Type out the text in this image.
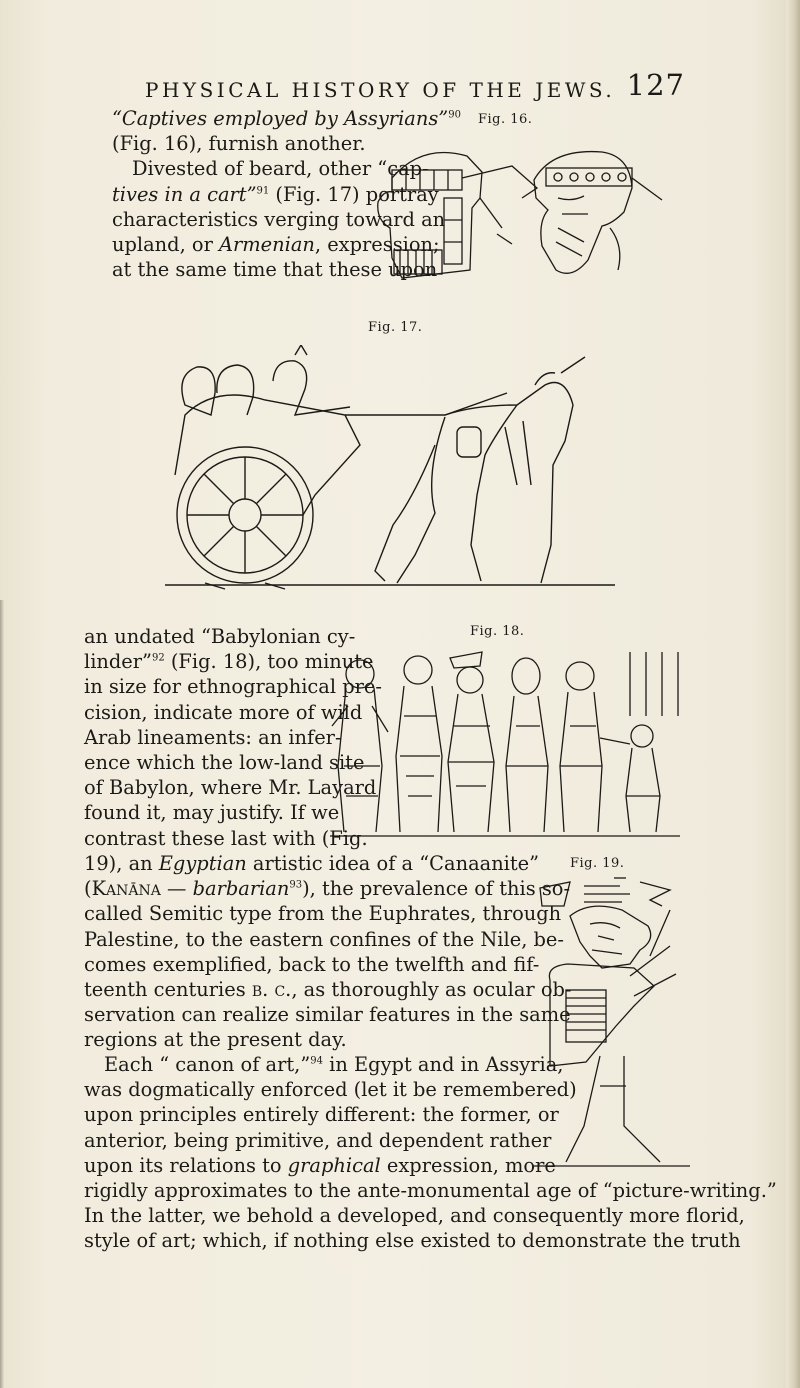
PHYSICAL HISTORY OF THE JEWS. 127
“Captives employed by Assyrians”$^{90}$
(Fig. 16), furnish another.
Divested of beard, other “cap-
tives in a cart”$^{91}$ (Fig. 17) portray
characteristics verging toward an
upland, or Armenian, expression;
at the same time that these upon
Fig. 16.
Fig. 17.
an undated “Babylonian cy-
linder”$^{92}$ (Fig. 18), too minute
in size for ethnographical pre-
cision, indicate more of wild
Arab lineaments: an infer-
ence which the low-land site
of Babylon, where Mr. Layard
found it, may justify. If we
contrast these last with (Fig.
Fig. 18.
19), an Egyptian artistic idea of a “Canaanite”
(Kanāna — barbarian$^{93}$), the prevalence of this so-
called Semitic type from the Euphrates, through
Palestine, to the eastern confines of the Nile, be-
comes exemplified, back to the twelfth and fif-
teenth centuries b. c., as thoroughly as ocular ob-
servation can realize similar features in the same
regions at the present day.
Each “ canon of art,”$^{94}$ in Egypt and in Assyria,
was dogmatically enforced (let it be remembered)
upon principles entirely different: the former, or
anterior, being primitive, and dependent rather
upon its relations to graphical expression, more
rigidly approximates to the ante-monumental age of “picture-writing.”
In the latter, we behold a developed, and consequently more florid,
style of art; which, if nothing else existed to demonstrate the truth
Fig. 19.
